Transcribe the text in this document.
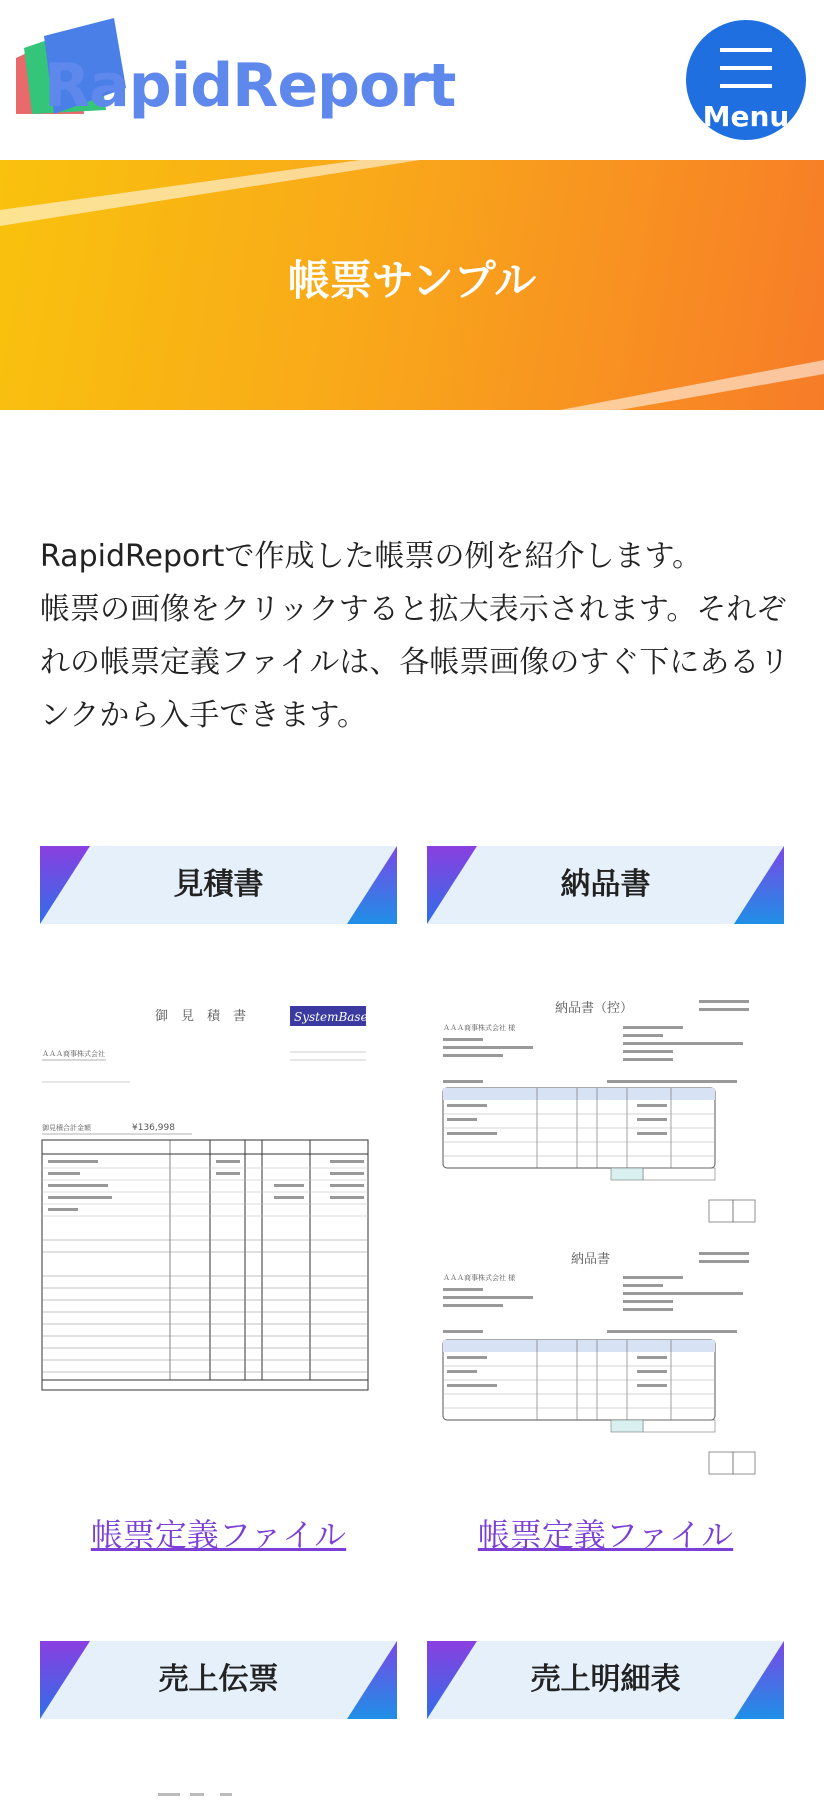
RapidReport	Menu
帳票サンプル

RapidReportで作成した帳票の例を紹介します。

帳票の画像をクリックすると拡大表示されます。それぞれの帳票定義ファイルは、各帳票画像のすぐ下にあるリンクから入手できます。

見積書	納品書
御　見　積　書	SystemBase
ＡＡＡ商事株式会社
御見積合計金額	¥136,998
納品書（控）
ＡＡＡ商事株式会社 様
納品書
ＡＡＡ商事株式会社 様
帳票定義ファイル	帳票定義ファイル
売上伝票	売上明細表
